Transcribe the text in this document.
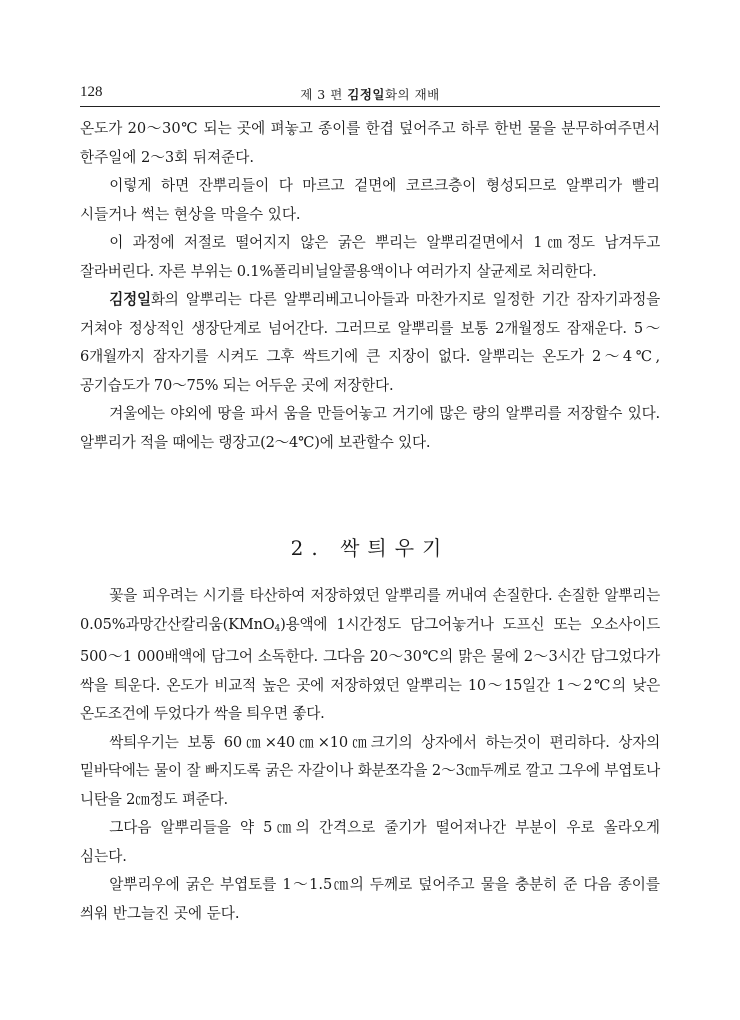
128	제 3 편 김정일화의 재배

온도가 20～30℃ 되는 곳에 펴놓고 종이를 한겹 덮어주고 하루 한번 물을 분무하여주면서 한주일에 2～3회 뒤져준다.

이렇게 하면 잔뿌리들이 다 마르고 겉면에 코르크층이 형성되므로 알뿌리가 빨리 시들거나 썩는 현상을 막을수 있다.

이 과정에 저절로 떨어지지 않은 굵은 뿌리는 알뿌리겉면에서 1㎝정도 남겨두고 잘라버린다. 자른 부위는 0.1%폴리비닐알콜용액이나 여러가지 살균제로 처리한다.

김정일화의 알뿌리는 다른 알뿌리베고니아들과 마찬가지로 일정한 기간 잠자기과정을 거쳐야 정상적인 생장단계로 넘어간다. 그러므로 알뿌리를 보통 2개월정도 잠재운다. 5～6개월까지 잠자기를 시켜도 그후 싹트기에 큰 지장이 없다. 알뿌리는 온도가 2～4℃, 공기습도가 70～75% 되는 어두운 곳에 저장한다.

겨울에는 야외에 땅을 파서 움을 만들어놓고 거기에 많은 량의 알뿌리를 저장할수 있다. 알뿌리가 적을 때에는 랭장고(2～4℃)에 보관할수 있다.

2. 싹틔우기

꽃을 피우려는 시기를 타산하여 저장하였던 알뿌리를 꺼내여 손질한다. 손질한 알뿌리는 0.05%과망간산칼리움(KMnO$_4$)용액에 1시간정도 담그어놓거나 도프신 또는 오소사이드 500～1 000배액에 담그어 소독한다. 그다음 20～30℃의 맑은 물에 2～3시간 담그었다가 싹을 틔운다. 온도가 비교적 높은 곳에 저장하였던 알뿌리는 10～15일간 1～2℃의 낮은 온도조건에 두었다가 싹을 틔우면 좋다.

싹틔우기는 보통 60㎝×40㎝×10㎝크기의 상자에서 하는것이 편리하다. 상자의 밑바닥에는 물이 잘 빠지도록 굵은 자갈이나 화분쪼각을 2～3㎝두께로 깔고 그우에 부엽토나 니탄을 2㎝정도 펴준다.

그다음 알뿌리들을 약 5㎝의 간격으로 줄기가 떨어져나간 부분이 우로 올라오게 심는다.

알뿌리우에 굵은 부엽토를 1～1.5㎝의 두께로 덮어주고 물을 충분히 준 다음 종이를 씌워 반그늘진 곳에 둔다.
